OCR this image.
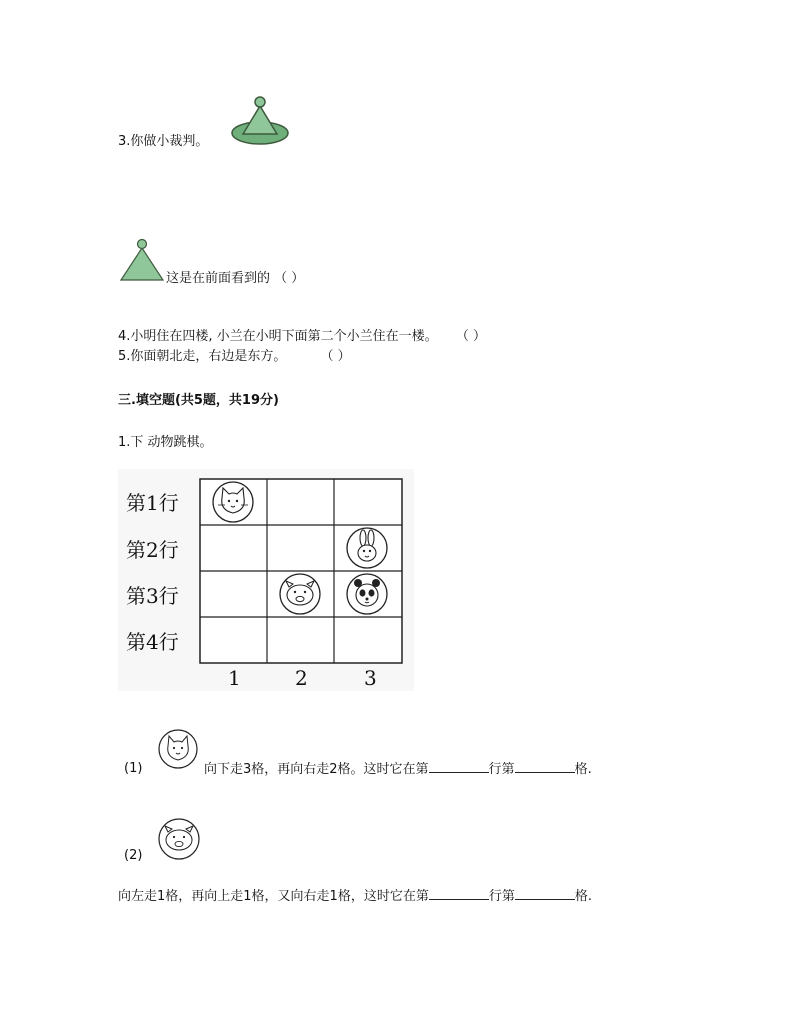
3.你做小裁判。
这是在前面看到的 （ ）
4.小明住在四楼, 小兰在小明下面第二个小兰住在一楼。 （ ）
5.你面朝北走，右边是东方。	（ ）
三.填空题(共5题，共19分)
1.下 动物跳棋。
第1行
第2行
第3行
第4行
1	2	3
(1)	向下走3格，再向右走2格。这时它在第	行第	格.
(2)
向左走1格，再向上走1格，又向右走1格，这时它在第	行第	格.
